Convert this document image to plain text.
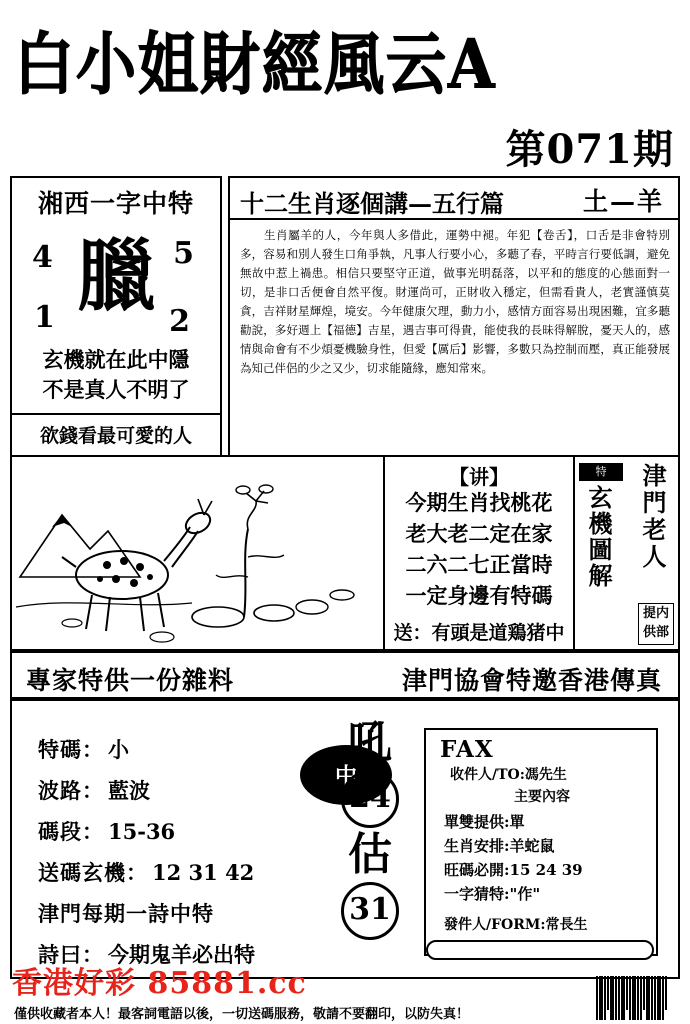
白小姐財經風云A
第071期
湘西一字中特
4	5
1	2
臘
玄機就在此中隱
不是真人不明了
欲錢看最可愛的人
十二生肖逐個講—五行篇	土—羊
生肖屬羊的人，今年與人多借此，運勢中褪。年犯【卷舌】，口舌是非會特別多，容易和別人發生口角爭執，凡事人行要小心，多聽了春，平時言行要低調，避免無故中惹上禍患。相信只要堅守正道，做事光明磊落，以平和的態度的心態面對一切，是非口舌便會自然平復。財運尚可，正財收入穩定，但需看貴人，老實謹慎莫貪，吉祥財星輝煌，境安。今年健康欠理，動力小，感情方面容易出現困難，宜多聽勸說，多好週上【福德】吉星，遇吉事可得貴，能使我的長昧得解脫，憂天人的，感情與命會有不少煩憂機驗身性，但愛【厲后】影響，多數只為控制而壓，真正能發展為知己伴侶的少之又少，切求能隨緣，應知常來。
【讲】
今期生肖找桃花
老大老二定在家
二六二七正當時
一定身邊有特碼
送：有頭是道鶏猪中
特
玄機圖解 津門老人
提内供部
專家特供一份雜料	津門協會特邀香港傳真
特碼： 小
波路： 藍波
碼段： 15-36
送碼玄機： 12 31 42
津門每期一詩中特
詩曰： 今期鬼羊必出特
中
吼
24
估
31
FAX
收件人/TO:馮先生
主要內容
單雙提供:單
生肖安排:羊蛇鼠
旺碼必開:15 24 39
一字猜特:"作"
發件人/FORM:常長生
香港好彩 85881.cc
僅供收藏者本人！最客詞電語以後，一切送碼服務，敬請不要翻印，以防失真！
